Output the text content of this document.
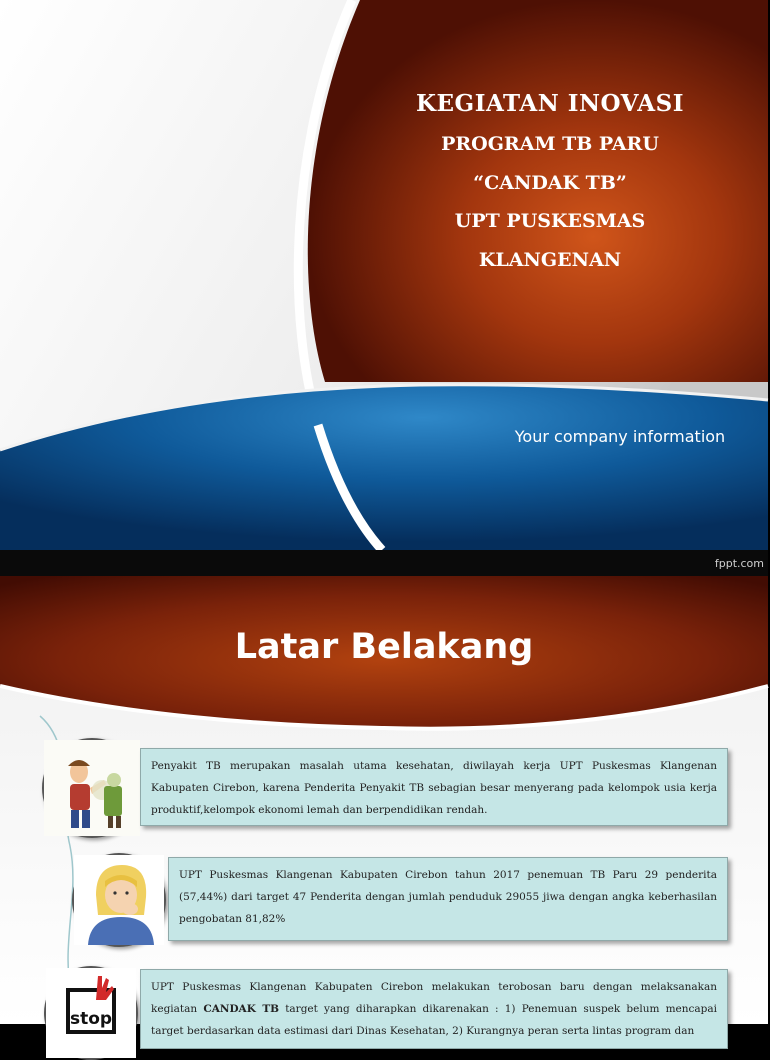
KEGIATAN INOVASI
PROGRAM TB PARU
“CANDAK TB”
UPT PUSKESMAS
KLANGENAN
Your company information
fppt.com
Latar Belakang
Penyakit TB merupakan masalah utama kesehatan, diwilayah kerja UPT Puskesmas Klangenan Kabupaten Cirebon, karena Penderita Penyakit TB sebagian besar menyerang pada kelompok usia kerja produktif,kelompok ekonomi lemah dan berpendidikan rendah.
UPT Puskesmas Klangenan Kabupaten Cirebon tahun 2017 penemuan TB Paru 29 penderita (57,44%) dari target 47 Penderita dengan jumlah penduduk 29055 jiwa dengan angka keberhasilan pengobatan 81,82%
stop
UPT Puskesmas Klangenan Kabupaten Cirebon melakukan terobosan baru dengan melaksanakan kegiatan CANDAK TB target yang diharapkan dikarenakan : 1) Penemuan suspek belum mencapai target berdasarkan data estimasi dari Dinas Kesehatan, 2) Kurangnya peran serta lintas program dan
